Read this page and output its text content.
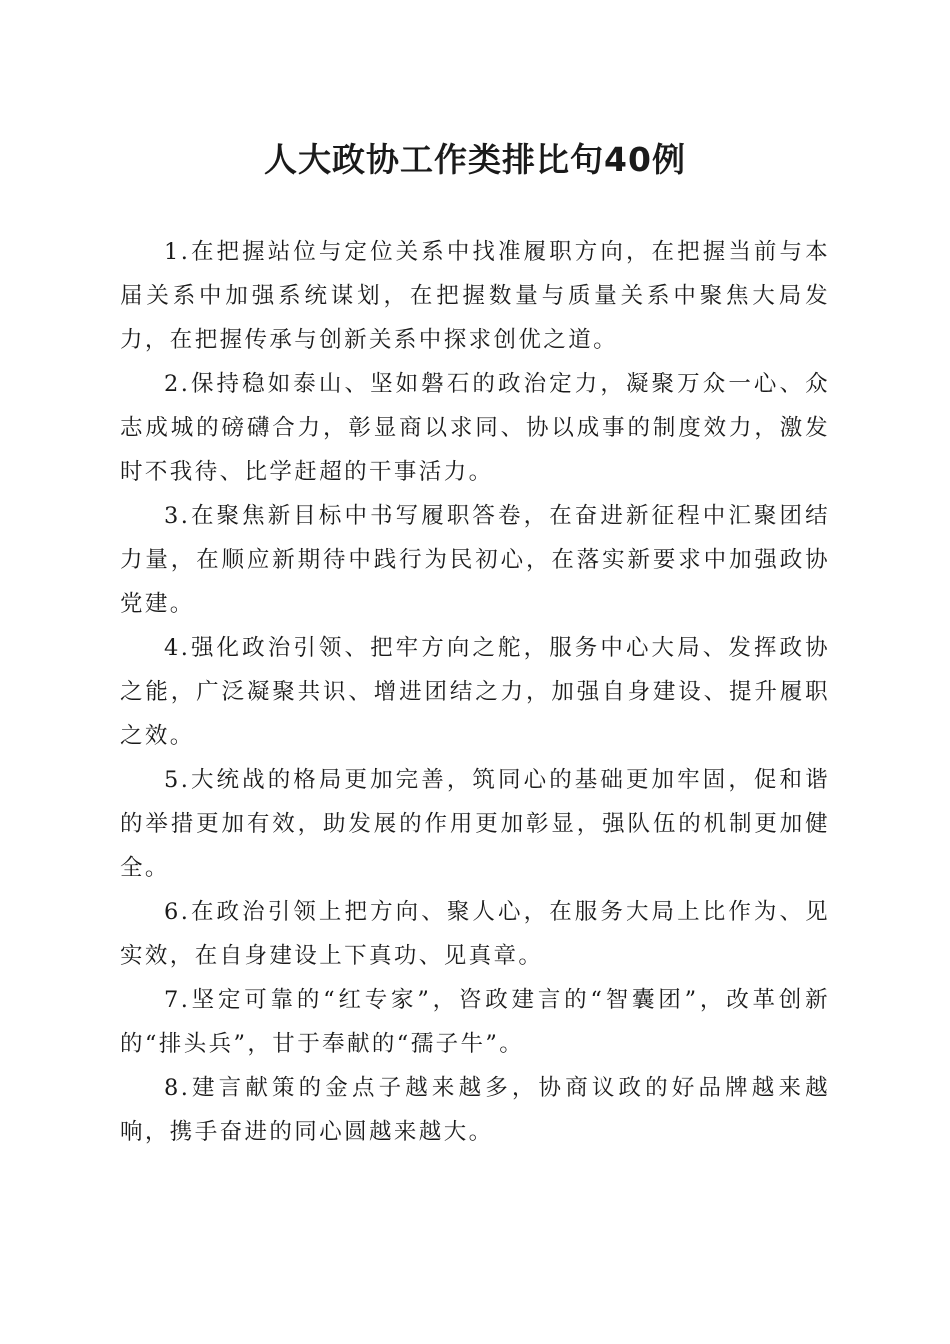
人大政协工作类排比句40例

1.在把握站位与定位关系中找准履职方向，在把握当前与本届关系中加强系统谋划，在把握数量与质量关系中聚焦大局发力，在把握传承与创新关系中探求创优之道。

2.保持稳如泰山、坚如磐石的政治定力，凝聚万众一心、众志成城的磅礴合力，彰显商以求同、协以成事的制度效力，激发时不我待、比学赶超的干事活力。

3.在聚焦新目标中书写履职答卷，在奋进新征程中汇聚团结力量，在顺应新期待中践行为民初心，在落实新要求中加强政协党建。

4.强化政治引领、把牢方向之舵，服务中心大局、发挥政协之能，广泛凝聚共识、增进团结之力，加强自身建设、提升履职之效。

5.大统战的格局更加完善，筑同心的基础更加牢固，促和谐的举措更加有效，助发展的作用更加彰显，强队伍的机制更加健全。

6.在政治引领上把方向、聚人心，在服务大局上比作为、见实效，在自身建设上下真功、见真章。

7.坚定可靠的“红专家”，咨政建言的“智囊团”，改革创新的“排头兵”，甘于奉献的“孺子牛”。

8.建言献策的金点子越来越多，协商议政的好品牌越来越响，携手奋进的同心圆越来越大。
